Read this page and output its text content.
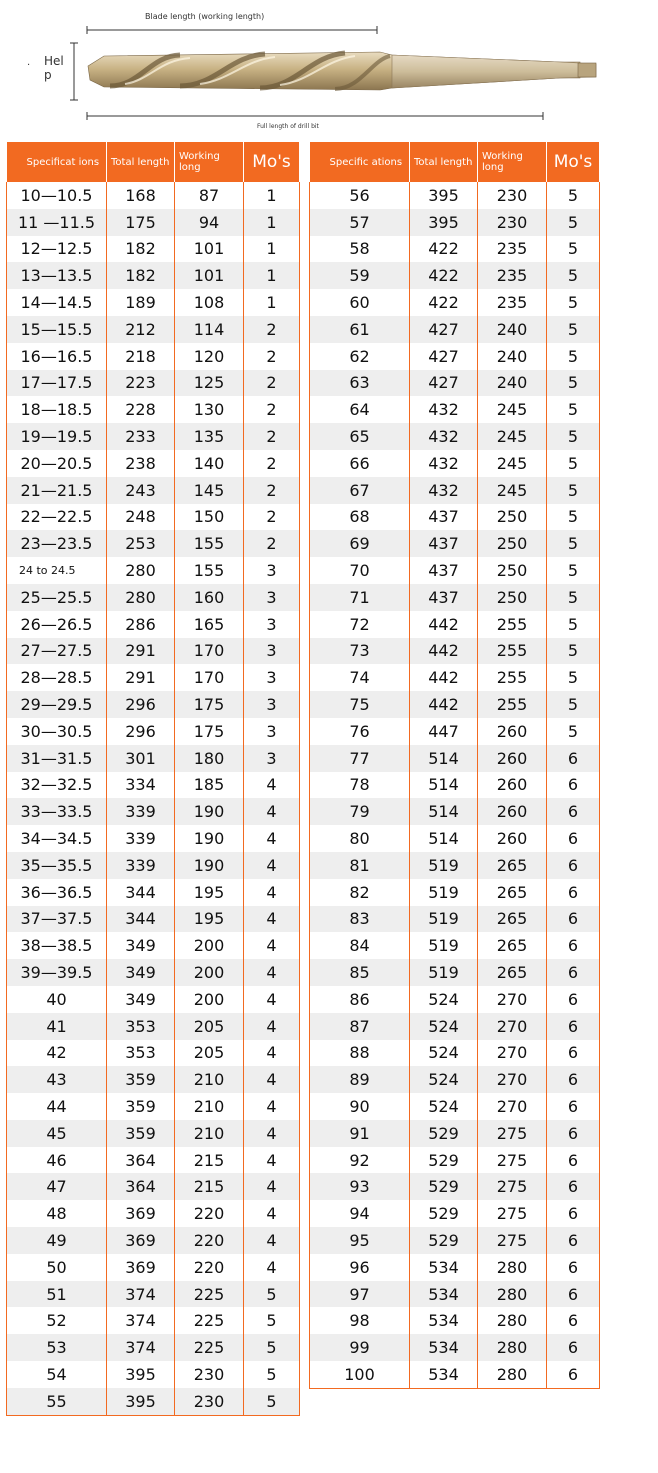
Blade length (working length)
Full length of drill bit
· Hel p
Specificat ions	Total length	Working long	Mo's
10—10.5	168	87	1
11 —11.5	175	94	1
12—12.5	182	101	1
13—13.5	182	101	1
14—14.5	189	108	1
15—15.5	212	114	2
16—16.5	218	120	2
17—17.5	223	125	2
18—18.5	228	130	2
19—19.5	233	135	2
20—20.5	238	140	2
21—21.5	243	145	2
22—22.5	248	150	2
23—23.5	253	155	2
24 to 24.5	280	155	3
25—25.5	280	160	3
26—26.5	286	165	3
27—27.5	291	170	3
28—28.5	291	170	3
29—29.5	296	175	3
30—30.5	296	175	3
31—31.5	301	180	3
32—32.5	334	185	4
33—33.5	339	190	4
34—34.5	339	190	4
35—35.5	339	190	4
36—36.5	344	195	4
37—37.5	344	195	4
38—38.5	349	200	4
39—39.5	349	200	4
40	349	200	4
41	353	205	4
42	353	205	4
43	359	210	4
44	359	210	4
45	359	210	4
46	364	215	4
47	364	215	4
48	369	220	4
49	369	220	4
50	369	220	4
51	374	225	5
52	374	225	5
53	374	225	5
54	395	230	5
55	395	230	5
Specific ations	Total length	Working long	Mo's
56	395	230	5
57	395	230	5
58	422	235	5
59	422	235	5
60	422	235	5
61	427	240	5
62	427	240	5
63	427	240	5
64	432	245	5
65	432	245	5
66	432	245	5
67	432	245	5
68	437	250	5
69	437	250	5
70	437	250	5
71	437	250	5
72	442	255	5
73	442	255	5
74	442	255	5
75	442	255	5
76	447	260	5
77	514	260	6
78	514	260	6
79	514	260	6
80	514	260	6
81	519	265	6
82	519	265	6
83	519	265	6
84	519	265	6
85	519	265	6
86	524	270	6
87	524	270	6
88	524	270	6
89	524	270	6
90	524	270	6
91	529	275	6
92	529	275	6
93	529	275	6
94	529	275	6
95	529	275	6
96	534	280	6
97	534	280	6
98	534	280	6
99	534	280	6
100	534	280	6
